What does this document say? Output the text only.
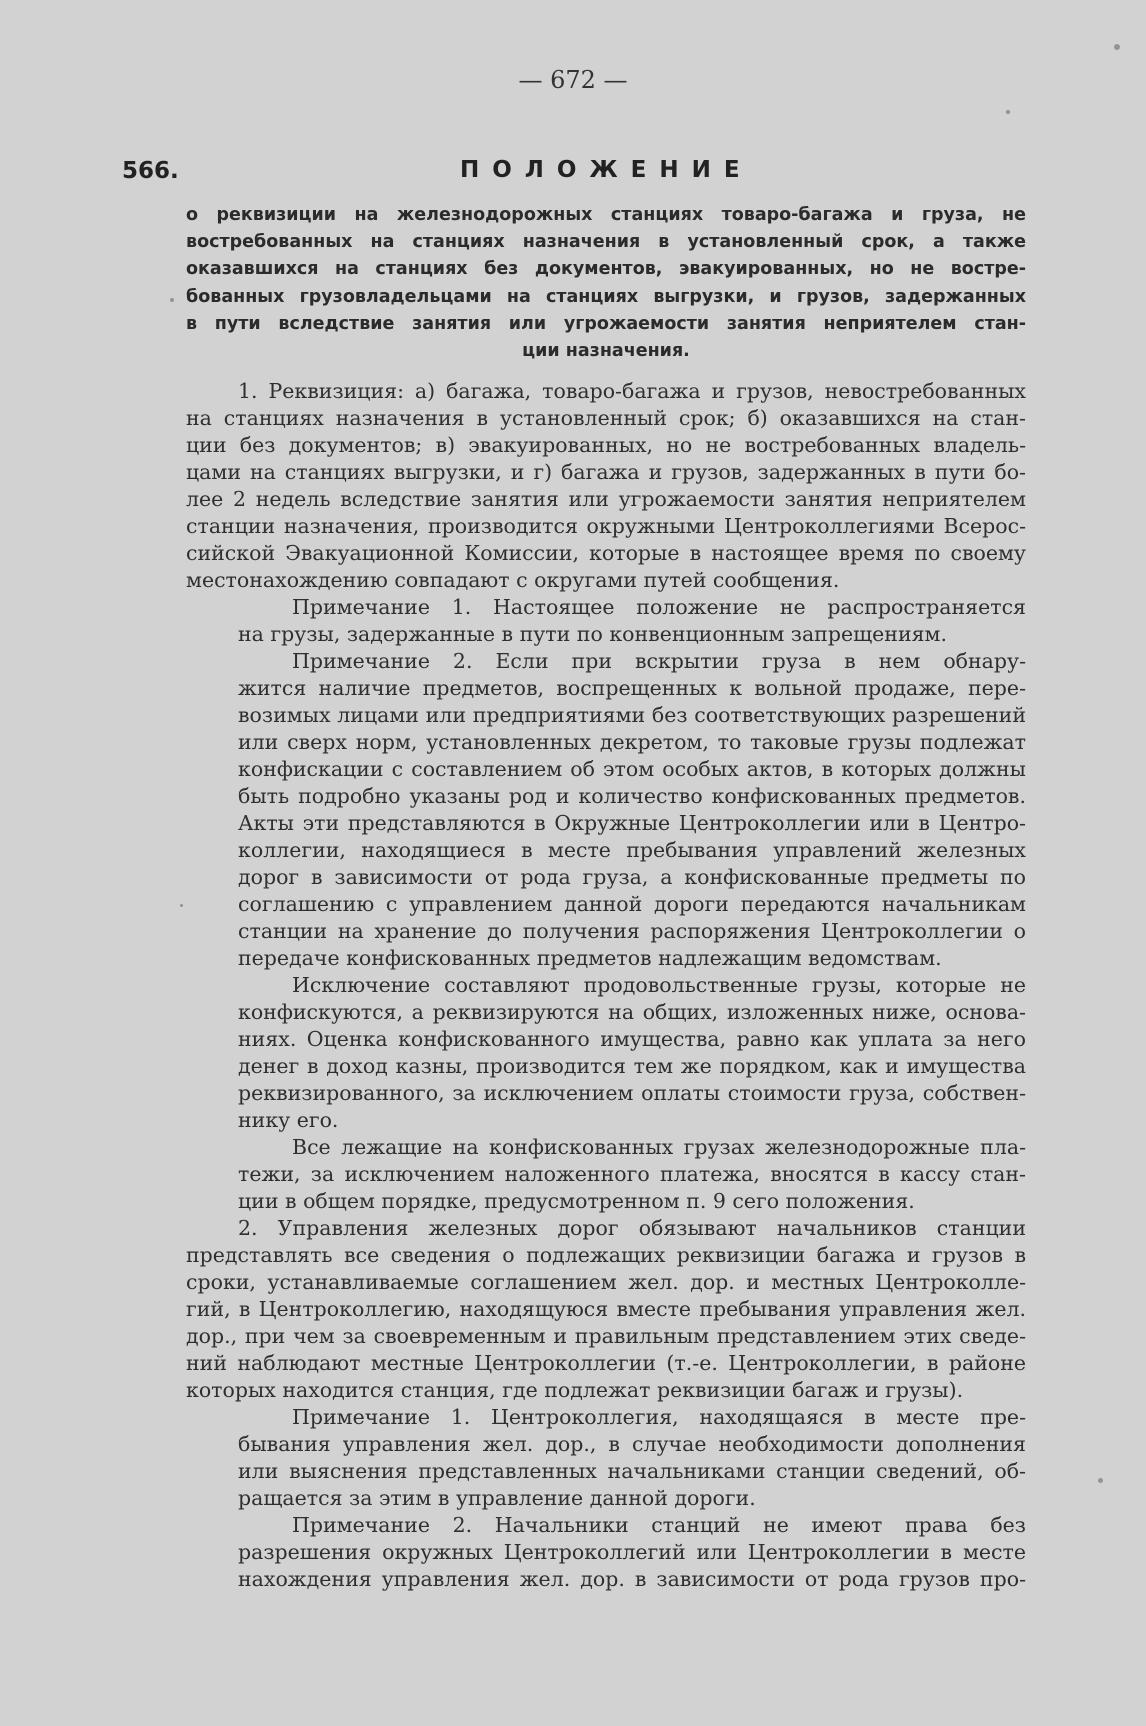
— 672 —
566.	ПОЛОЖЕНИЕ
о реквизиции на железнодорожных станциях товаро-багажа и груза, не
востребованных на станциях назначения в установленный срок, а также
оказавшихся на станциях без документов, эвакуированных, но не востре-
бованных грузовладельцами на станциях выгрузки, и грузов, задержанных
в пути вследствие занятия или угрожаемости занятия неприятелем стан-
ции назначения.
1. Реквизиция: а) багажа, товаро-багажа и грузов, невостребованных
на станциях назначения в установленный срок; б) оказавшихся на стан-
ции без документов; в) эвакуированных, но не востребованных владель-
цами на станциях выгрузки, и г) багажа и грузов, задержанных в пути бо-
лее 2 недель вследствие занятия или угрожаемости занятия неприятелем
станции назначения, производится окружными Центроколлегиями Всерос-
сийской Эвакуационной Комиссии, которые в настоящее время по своему
местонахождению совпадают с округами путей сообщения.
Примечание 1. Настоящее положение не распространяется
на грузы, задержанные в пути по конвенционным запрещениям.
Примечание 2. Если при вскрытии груза в нем обнару-
жится наличие предметов, воспрещенных к вольной продаже, пере-
возимых лицами или предприятиями без соответствующих разрешений
или сверх норм, установленных декретом, то таковые грузы подлежат
конфискации с составлением об этом особых актов, в которых должны
быть подробно указаны род и количество конфискованных предметов.
Акты эти представляются в Окружные Центроколлегии или в Центро-
коллегии, находящиеся в месте пребывания управлений железных
дорог в зависимости от рода груза, а конфискованные предметы по
соглашению с управлением данной дороги передаются начальникам
станции на хранение до получения распоряжения Центроколлегии о
передаче конфискованных предметов надлежащим ведомствам.
Исключение составляют продовольственные грузы, которые не
конфискуются, а реквизируются на общих, изложенных ниже, основа-
ниях. Оценка конфискованного имущества, равно как уплата за него
денег в доход казны, производится тем же порядком, как и имущества
реквизированного, за исключением оплаты стоимости груза, собствен-
нику его.
Все лежащие на конфискованных грузах железнодорожные пла-
тежи, за исключением наложенного платежа, вносятся в кассу стан-
ции в общем порядке, предусмотренном п. 9 сего положения.
2. Управления железных дорог обязывают начальников станции
представлять все сведения о подлежащих реквизиции багажа и грузов в
сроки, устанавливаемые соглашением жел. дор. и местных Центроколле-
гий, в Центроколлегию, находящуюся вместе пребывания управления жел.
дор., при чем за своевременным и правильным представлением этих сведе-
ний наблюдают местные Центроколлегии (т.-е. Центроколлегии, в районе
которых находится станция, где подлежат реквизиции багаж и грузы).
Примечание 1. Центроколлегия, находящаяся в месте пре-
бывания управления жел. дор., в случае необходимости дополнения
или выяснения представленных начальниками станции сведений, об-
ращается за этим в управление данной дороги.
Примечание 2. Начальники станций не имеют права без
разрешения окружных Центроколлегий или Центроколлегии в месте
нахождения управления жел. дор. в зависимости от рода грузов про-
